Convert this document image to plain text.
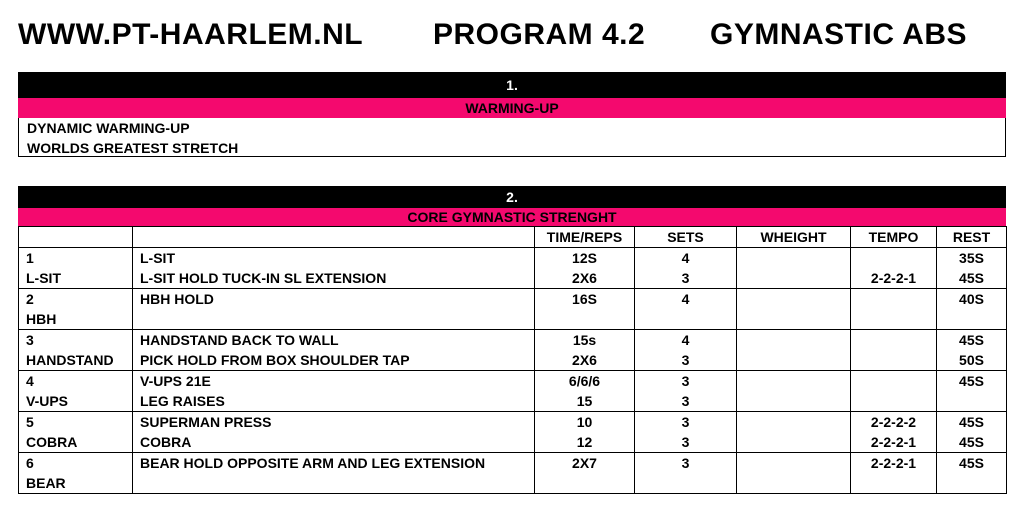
WWW.PT-HAARLEM.NL PROGRAM 4.2 GYMNASTIC ABS
1.
WARMING-UP
DYNAMIC WARMING-UP
WORLDS GREATEST STRETCH
2.
CORE GYMNASTIC STRENGHT
		TIME/REPS	SETS	WHEIGHT	TEMPO	REST
1	L-SIT	12S	4			35S
L-SIT	L-SIT HOLD TUCK-IN SL EXTENSION	2X6	3		2-2-2-1	45S
2	HBH HOLD	16S	4			40S
HBH						
3	HANDSTAND BACK TO WALL	15s	4			45S
HANDSTAND	PICK HOLD FROM BOX SHOULDER TAP	2X6	3			50S
4	V-UPS 21E	6/6/6	3			45S
V-UPS	LEG RAISES	15	3			
5	SUPERMAN PRESS	10	3		2-2-2-2	45S
COBRA	COBRA	12	3		2-2-2-1	45S
6	BEAR HOLD OPPOSITE ARM AND LEG EXTENSION	2X7	3		2-2-2-1	45S
BEAR						
